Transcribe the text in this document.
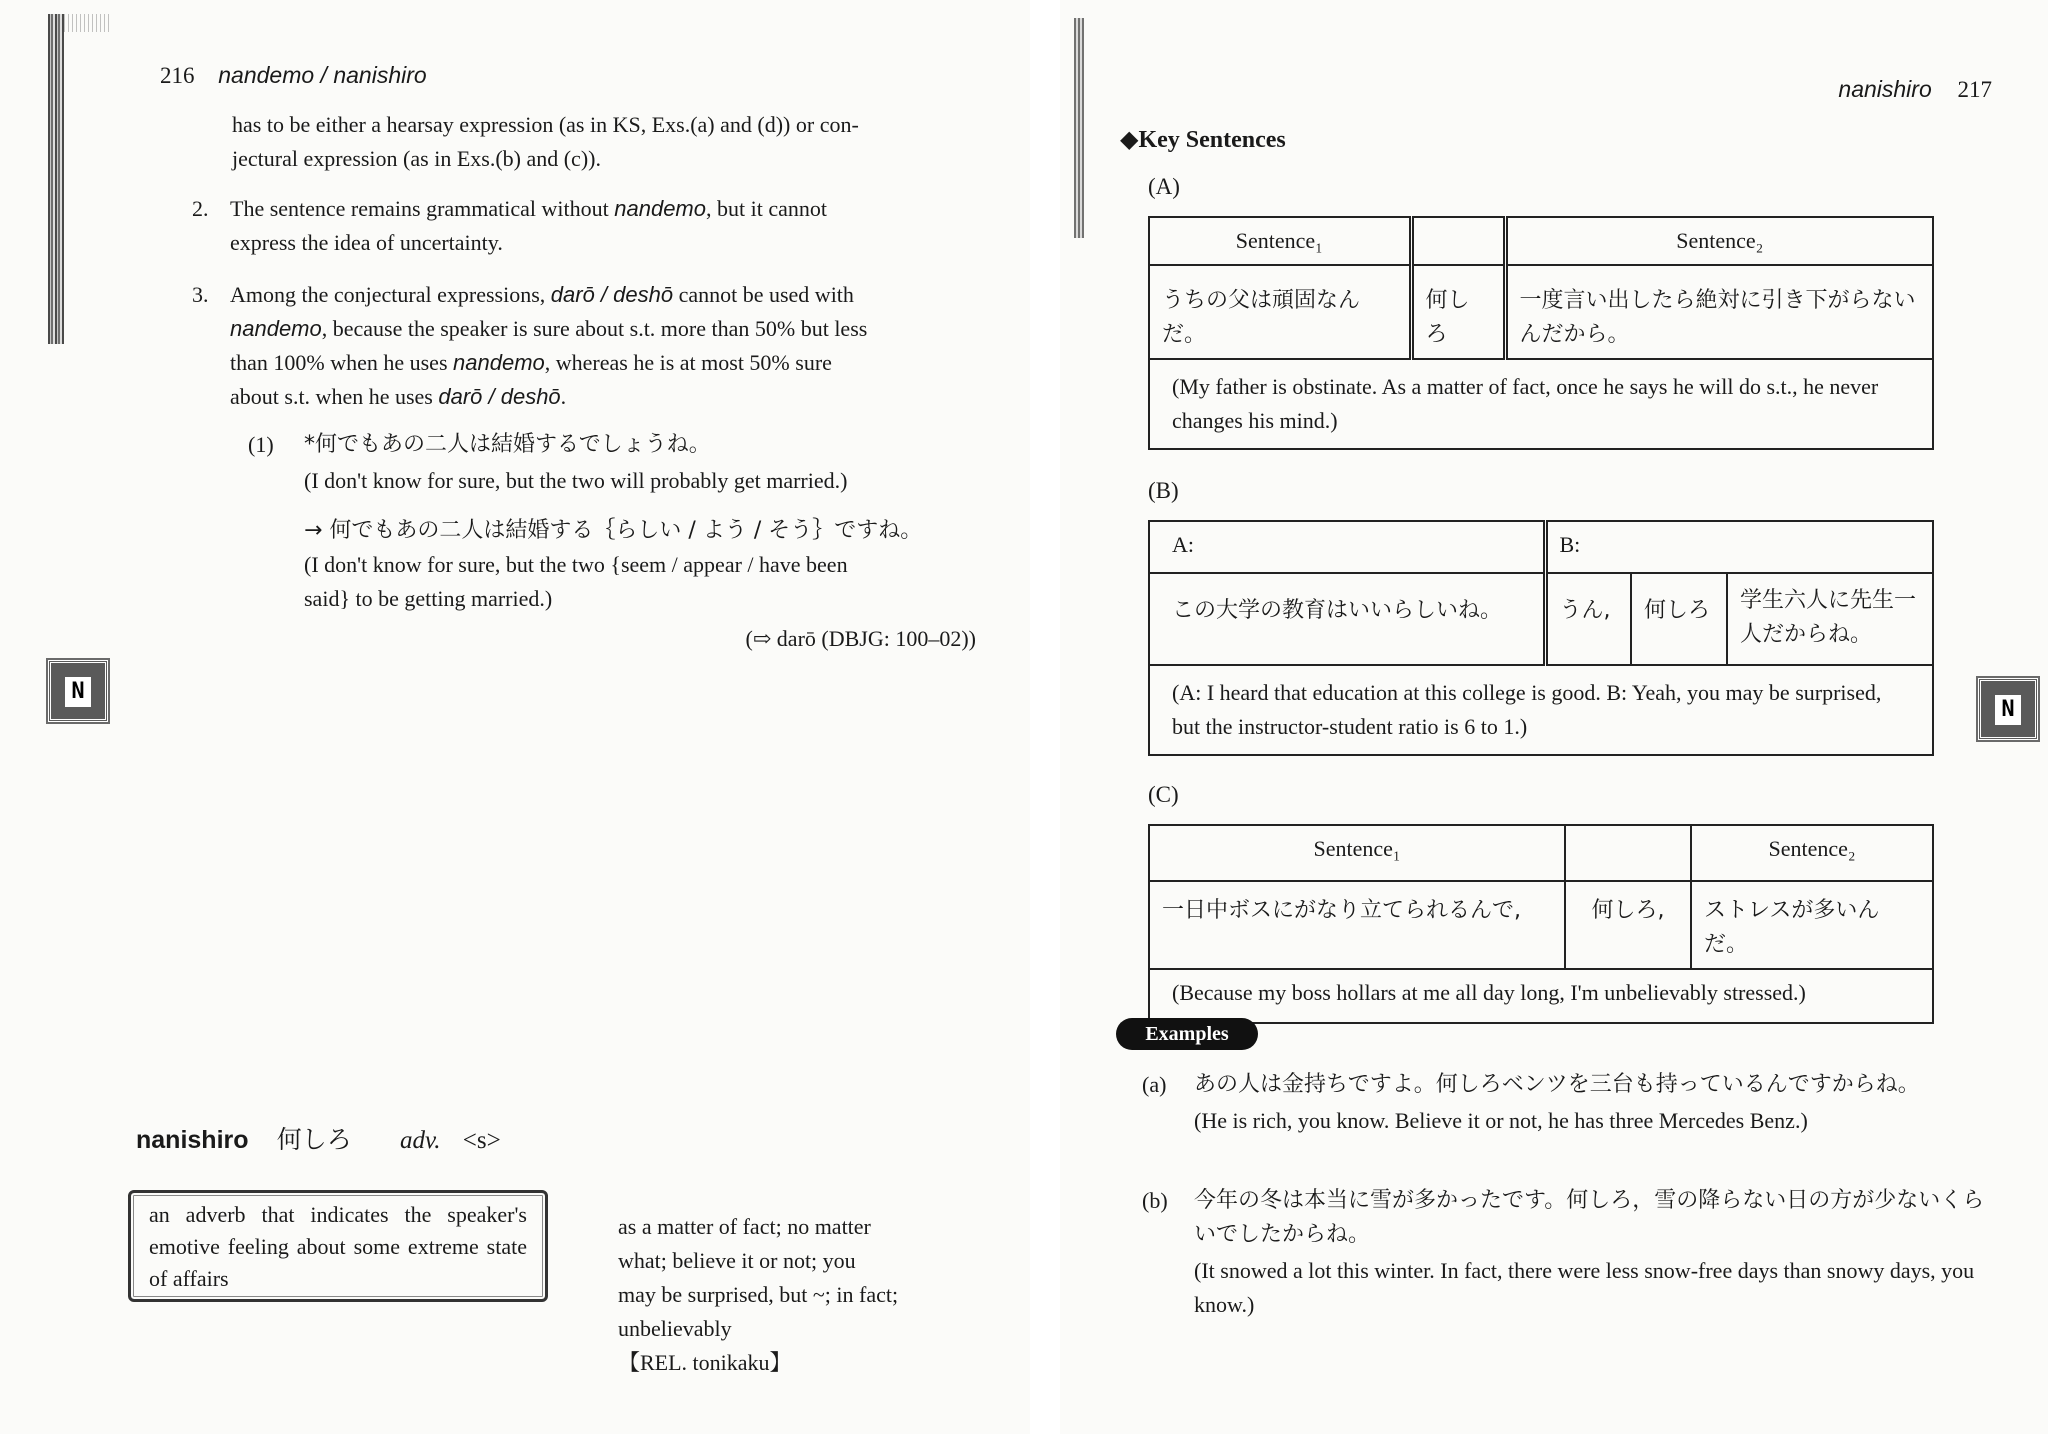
216 nandemo / nanishiro
has to be either a hearsay expression (as in KS, Exs.(a) and (d)) or con-
jectural expression (as in Exs.(b) and (c)).
2. The sentence remains grammatical without nandemo, but it cannot
express the idea of uncertainty.
3. Among the conjectural expressions, darō / deshō cannot be used with
nandemo, because the speaker is sure about s.t. more than 50% but less
than 100% when he uses nandemo, whereas he is at most 50% sure
about s.t. when he uses darō / deshō.
(1) *何でもあの二人は結婚するでしょうね。
(I don't know for sure, but the two will probably get married.)
→ 何でもあの二人は結婚する｛らしい / よう / そう｝ですね。
(I don't know for sure, but the two {seem / appear / have been
said} to be getting married.)
(⇨ darō (DBJG: 100–02))
N
nanishiro 何しろ adv. <s>
an adverb that indicates the speaker's emotive feeling about some extreme state of affairs
as a matter of fact; no matter
what; believe it or not; you
may be surprised, but ~; in fact;
unbelievably
【REL. tonikaku】
nanishiro 217
◆Key Sentences
(A)
Sentence₁		Sentence₂
うちの父は頑固なんだ。	何しろ	一度言い出したら絶対に引き下がらないんだから。
(My father is obstinate. As a matter of fact, once he says he will do s.t., he never changes his mind.)		
(B)
A:	B:		
この大学の教育はいいらしいね。	うん,	何しろ	学生六人に先生一人だからね。
(A: I heard that education at this college is good. B: Yeah, you may be surprised, but the instructor-student ratio is 6 to 1.)			
N
(C)
Sentence₁		Sentence₂
一日中ボスにがなり立てられるんで,	何しろ,	ストレスが多いんだ。
(Because my boss hollars at me all day long, I'm unbelievably stressed.)		
Examples
(a) あの人は金持ちですよ。何しろベンツを三台も持っているんですからね。
(He is rich, you know. Believe it or not, he has three Mercedes Benz.)
(b) 今年の冬は本当に雪が多かったです。何しろ，雪の降らない日の方が少ないくらいでしたからね。
(It snowed a lot this winter. In fact, there were less snow-free days than snowy days, you know.)
